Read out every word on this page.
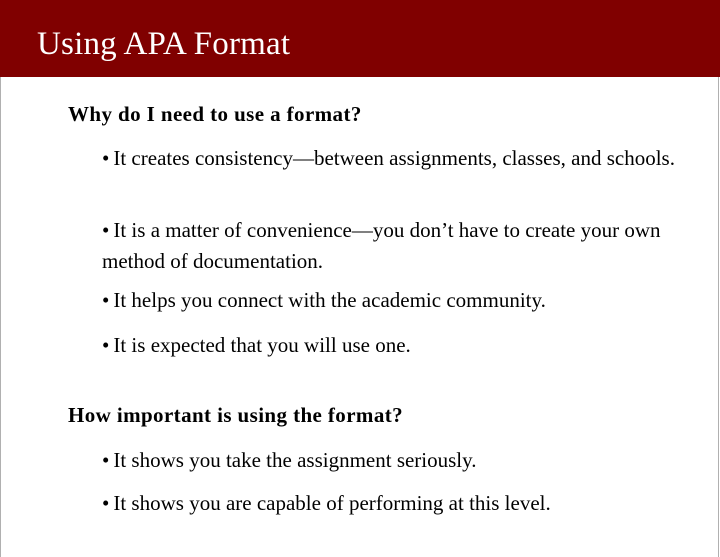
Using APA Format
Why do I need to use a format?

• It creates consistency—between assignments, classes, and schools.

• It is a matter of convenience—you don’t have to create your own method of documentation.

• It helps you connect with the academic community.

• It is expected that you will use one.

How important is using the format?

• It shows you take the assignment seriously.

• It shows you are capable of performing at this level.
